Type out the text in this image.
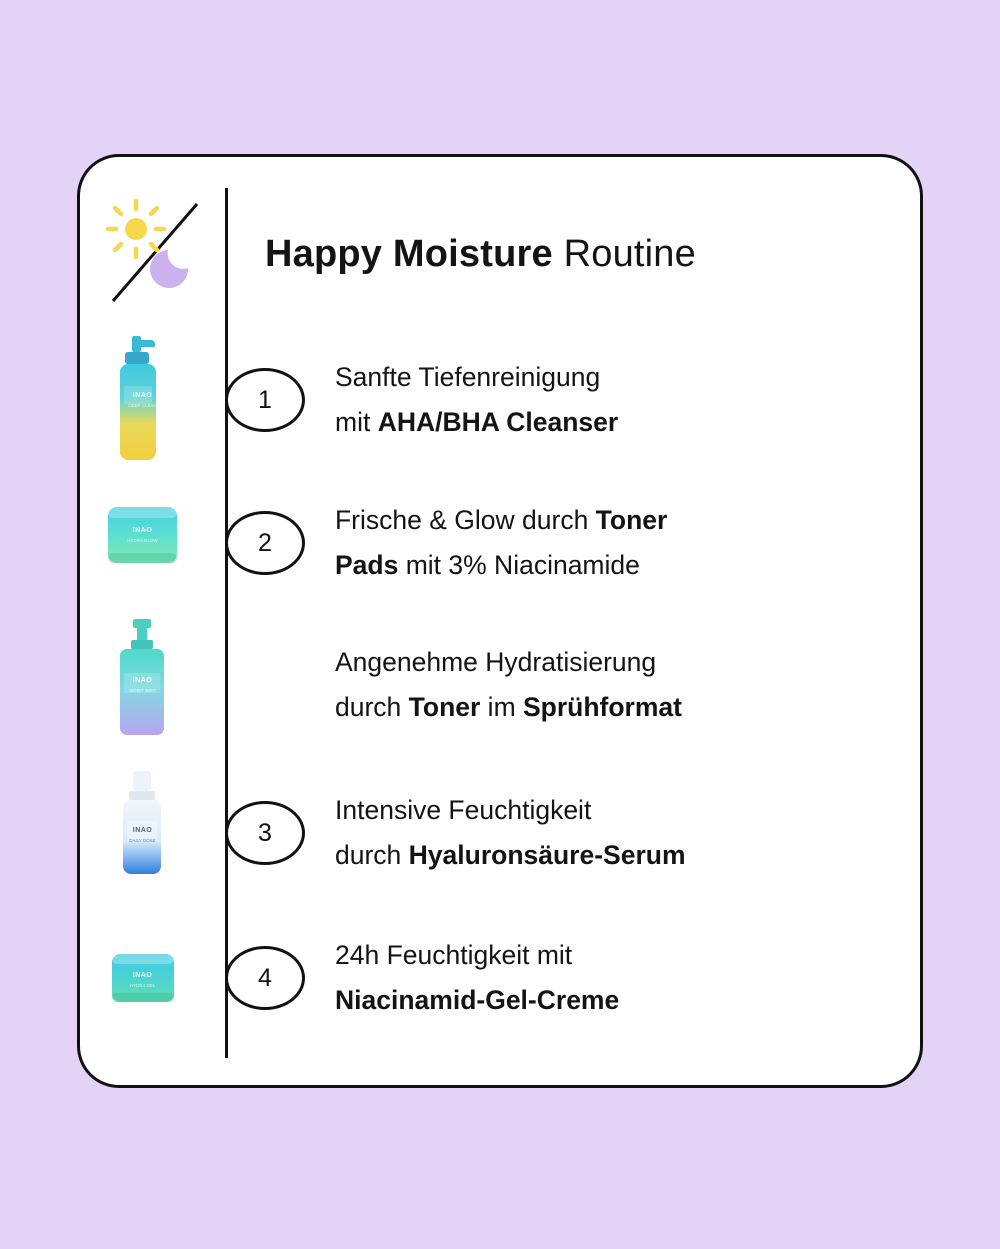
Happy Moisture Routine
INAO
DEEP CLEAN	1
Sanfte Tiefenreinigung
mit AHA/BHA Cleanser
INAO
HYDRA GLOW	2
Frische & Glow durch Toner
Pads mit 3% Niacinamide
INAO
MOIST MIST
Angenehme Hydratisierung
durch Toner im Sprühformat
INAO
DAILY DOSE	3
Intensive Feuchtigkeit
durch Hyaluronsäure-Serum
INAO
HYDRA GEL	4
24h Feuchtigkeit mit
Niacinamid-Gel-Creme
